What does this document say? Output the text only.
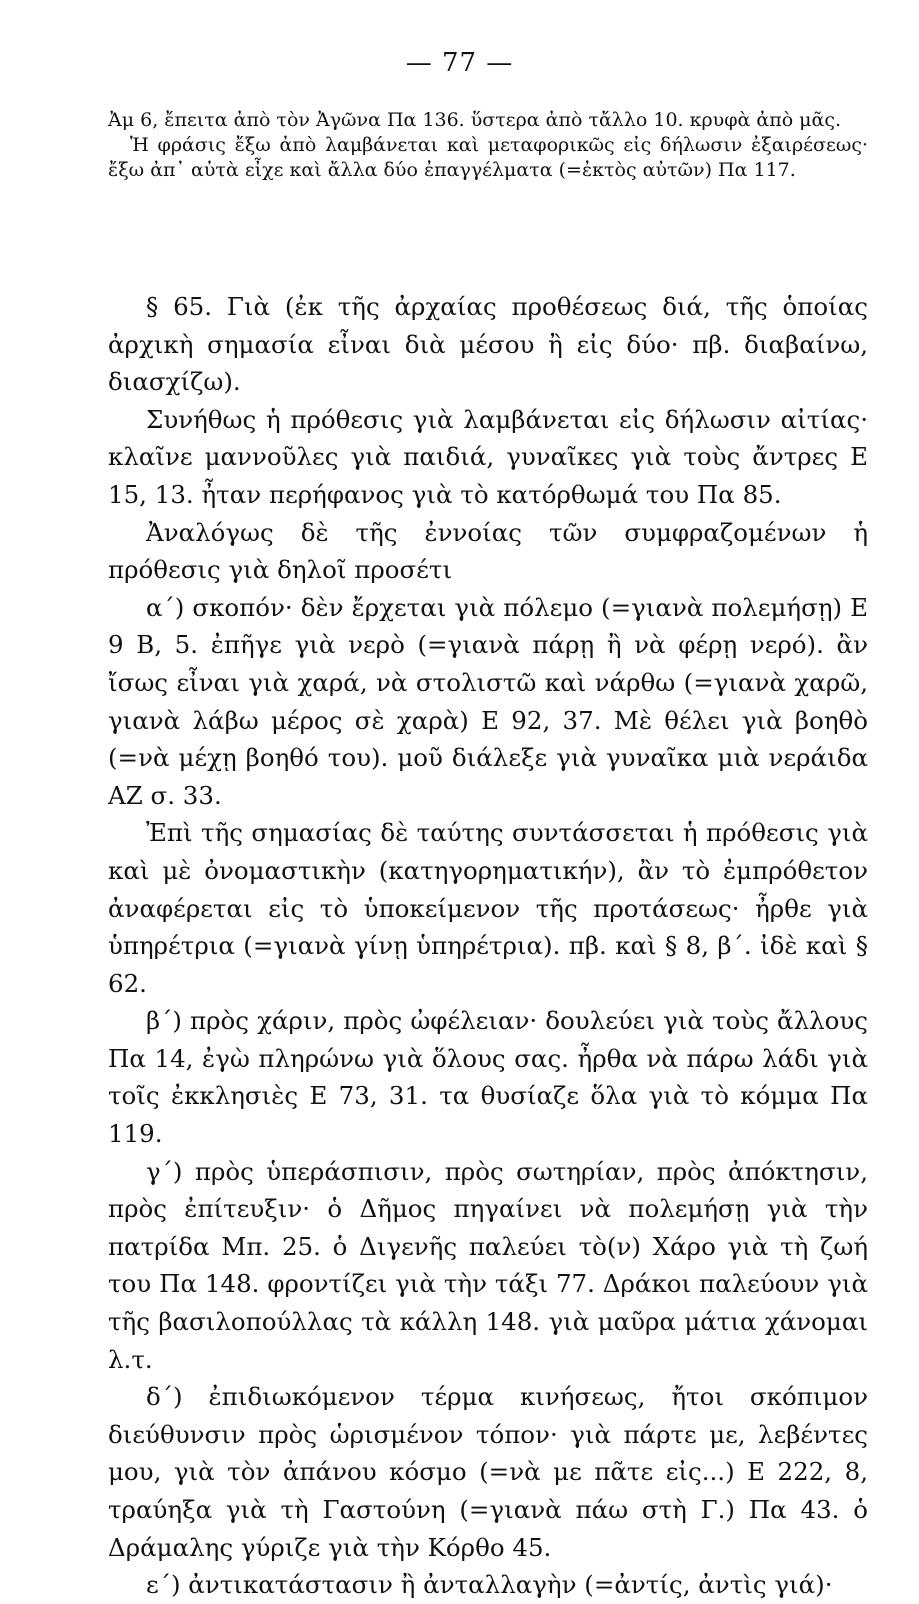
— 77 —

Ἀμ 6, ἔπειτα ἀπὸ τὸν Ἀγῶνα Πα 136. ὕστερα ἀπὸ τἄλλο 10. κρυφὰ ἀπὸ μᾶς.

Ἡ φράσις ἔξω ἀπὸ λαμβάνεται καὶ μεταφορικῶς εἰς δήλωσιν ἐξαιρέσεως· ἔξω ἀπ᾽ αὐτὰ εἶχε καὶ ἄλλα δύο ἐπαγγέλματα (=ἐκτὸς αὐτῶν) Πα 117.

§ 65. Γιὰ (ἐκ τῆς ἀρχαίας προθέσεως διά, τῆς ὁποίας ἀρχικὴ σημασία εἶναι διὰ μέσου ἢ εἰς δύο· πβ. διαβαίνω, διασχίζω).

Συνήθως ἡ πρόθεσις γιὰ λαμβάνεται εἰς δήλωσιν αἰτίας· κλαῖνε μαννοῦλες γιὰ παιδιά, γυναῖκες γιὰ τοὺς ἄντρες Ε 15, 13. ἦταν περήφανος γιὰ τὸ κατόρθωμά του Πα 85.

Ἀναλόγως δὲ τῆς ἐννοίας τῶν συμφραζομένων ἡ πρόθεσις γιὰ δηλοῖ προσέτι

α΄) σκοπόν· δὲν ἔρχεται γιὰ πόλεμο (=γιανὰ πολεμήσῃ) Ε 9 Β, 5. ἐπῆγε γιὰ νερὸ (=γιανὰ πάρῃ ἢ νὰ φέρῃ νερό). ἂν ἴσως εἶναι γιὰ χαρά, νὰ στολιστῶ καὶ νάρθω (=γιανὰ χαρῶ, γιανὰ λάβω μέρος σὲ χαρὰ) Ε 92, 37. Μὲ θέλει γιὰ βοηθὸ (=νὰ μέχῃ βοηθό του). μοῦ διάλεξε γιὰ γυναῖκα μιὰ νεράιδα ΑΖ σ. 33.

Ἐπὶ τῆς σημασίας δὲ ταύτης συντάσσεται ἡ πρόθεσις γιὰ καὶ μὲ ὀνομαστικὴν (κατηγορηματικήν), ἂν τὸ ἐμπρόθετον ἀναφέρεται εἰς τὸ ὑποκείμενον τῆς προτάσεως· ἦρθε γιὰ ὑπηρέτρια (=γιανὰ γίνῃ ὑπηρέτρια). πβ. καὶ § 8, β΄. ἰδὲ καὶ § 62.

β΄) πρὸς χάριν, πρὸς ὠφέλειαν· δουλεύει γιὰ τοὺς ἄλλους Πα 14, ἐγὼ πληρώνω γιὰ ὅλους σας. ἦρθα νὰ πάρω λάδι γιὰ τοῖς ἐκκλησιὲς Ε 73, 31. τα θυσίαζε ὅλα γιὰ τὸ κόμμα Πα 119.

γ΄) πρὸς ὑπεράσπισιν, πρὸς σωτηρίαν, πρὸς ἀπόκτησιν, πρὸς ἐπίτευξιν· ὁ Δῆμος πηγαίνει νὰ πολεμήσῃ γιὰ τὴν πατρίδα Μπ. 25. ὁ Διγενῆς παλεύει τὸ(ν) Χάρο γιὰ τὴ ζωή του Πα 148. φροντίζει γιὰ τὴν τάξι 77. Δράκοι παλεύουν γιὰ τῆς βασιλοπούλλας τὰ κάλλη 148. γιὰ μαῦρα μάτια χάνομαι λ.τ.

δ΄) ἐπιδιωκόμενον τέρμα κινήσεως, ἤτοι σκόπιμον διεύθυνσιν πρὸς ὡρισμένον τόπον· γιὰ πάρτε με, λεβέντες μου, γιὰ τὸν ἀπάνου κόσμο (=νὰ με πᾶτε εἰς...) Ε 222, 8, τραύηξα γιὰ τὴ Γαστούνη (=γιανὰ πάω στὴ Γ.) Πα 43. ὁ Δράμαλης γύριζε γιὰ τὴν Κόρθο 45.

ε΄) ἀντικατάστασιν ἢ ἀνταλλαγὴν (=ἀντίς, ἀντὶς γιά)·
